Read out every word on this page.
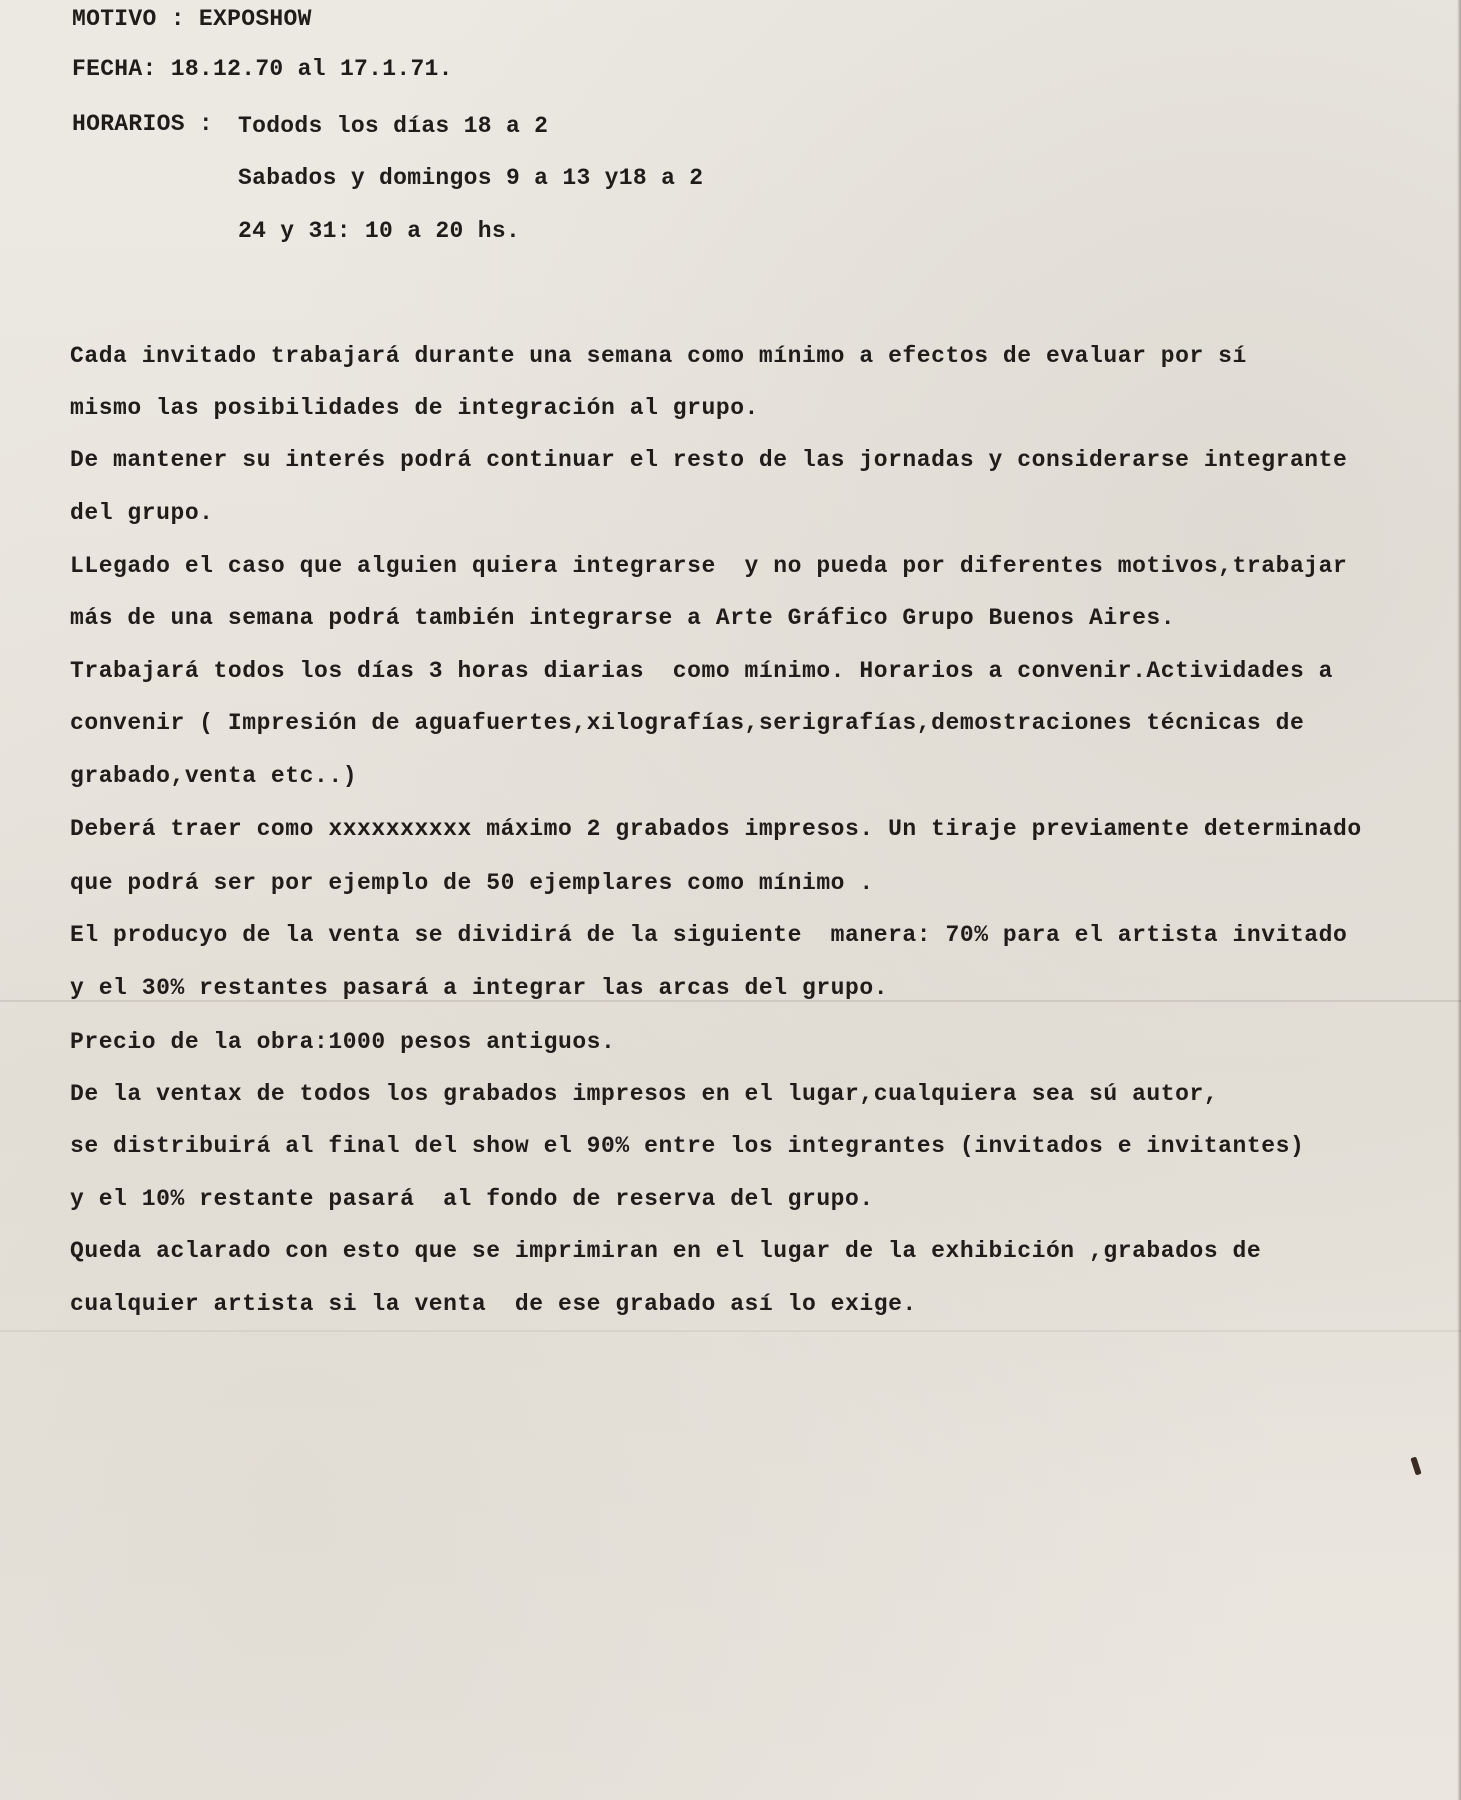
MOTIVO : EXPOSHOW
FECHA: 18.12.70 al 17.1.71.
HORARIOS : Todods los días 18 a 2
Sabados y domingos 9 a 13 y18 a 2
24 y 31: 10 a 20 hs.
Cada invitado trabajará durante una semana como mínimo a efectos de evaluar por sí
mismo las posibilidades de integración al grupo.
De mantener su interés podrá continuar el resto de las jornadas y considerarse integrante
del grupo.
LLegado el caso que alguien quiera integrarse  y no pueda por diferentes motivos,trabajar
más de una semana podrá también integrarse a Arte Gráfico Grupo Buenos Aires.
Trabajará todos los días 3 horas diarias  como mínimo. Horarios a convenir.Actividades a
convenir ( Impresión de aguafuertes,xilografías,serigrafías,demostraciones técnicas de
grabado,venta etc..)
Deberá traer como xxxxxxxxxx máximo 2 grabados impresos. Un tiraje previamente determinado
que podrá ser por ejemplo de 50 ejemplares como mínimo .
El producyo de la venta se dividirá de la siguiente  manera: 70% para el artista invitado
y el 30% restantes pasará a integrar las arcas del grupo.
Precio de la obra:1000 pesos antiguos.
De la ventax de todos los grabados impresos en el lugar,cualquiera sea sú autor,
se distribuirá al final del show el 90% entre los integrantes (invitados e invitantes)
y el 10% restante pasará  al fondo de reserva del grupo.
Queda aclarado con esto que se imprimiran en el lugar de la exhibición ,grabados de
cualquier artista si la venta  de ese grabado así lo exige.
